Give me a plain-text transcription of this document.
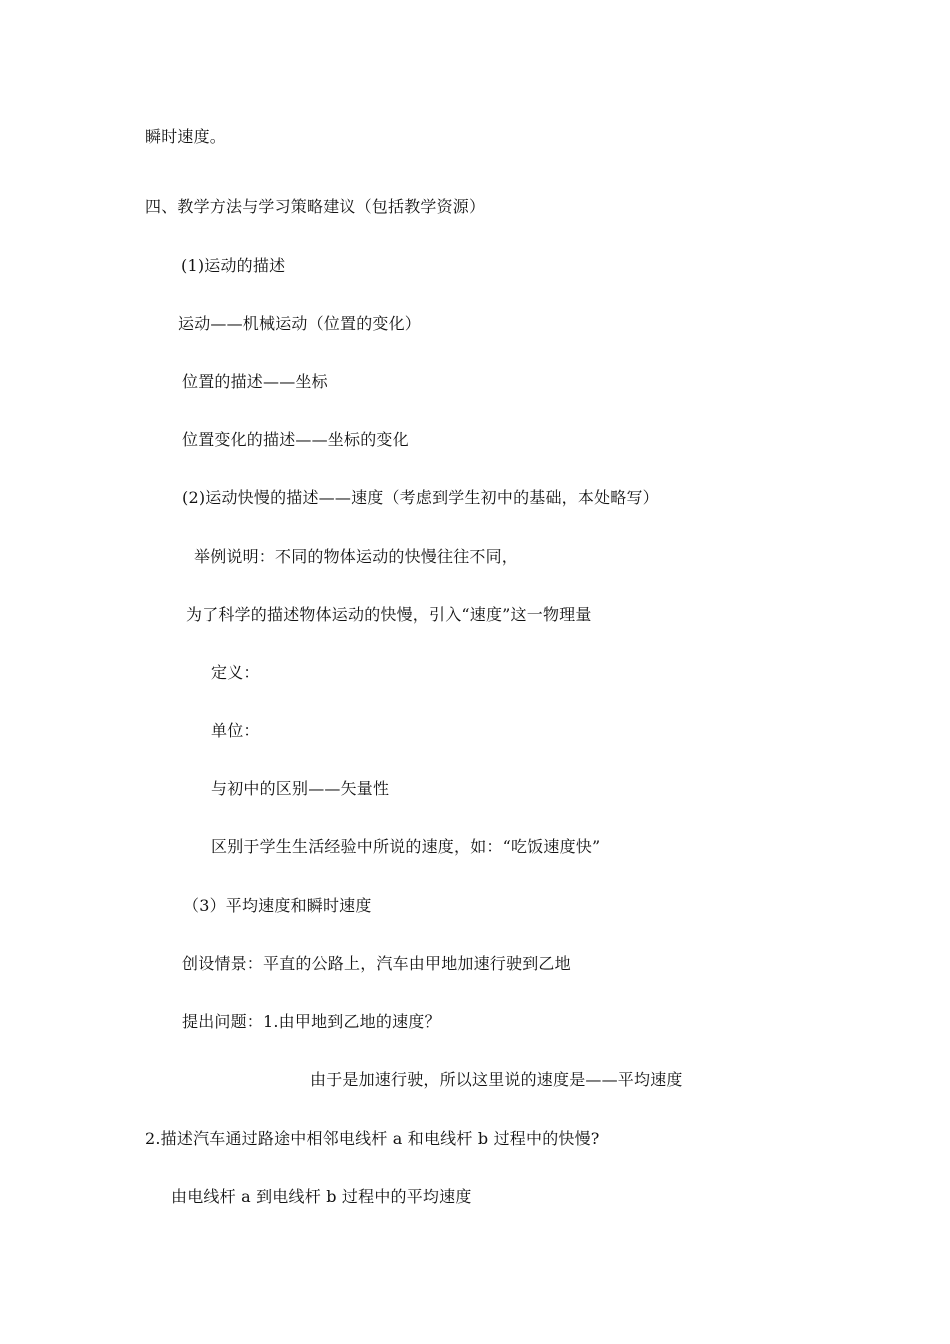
瞬时速度。
四、教学方法与学习策略建议（包括教学资源）
(1)运动的描述
运动——机械运动（位置的变化）
位置的描述——坐标
位置变化的描述——坐标的变化
(2)运动快慢的描述——速度（考虑到学生初中的基础，本处略写）
举例说明：不同的物体运动的快慢往往不同，
为了科学的描述物体运动的快慢，引入“速度”这一物理量
定义：
单位：
与初中的区别——矢量性
区别于学生生活经验中所说的速度，如：“吃饭速度快”
（3）平均速度和瞬时速度
创设情景：平直的公路上，汽车由甲地加速行驶到乙地
提出问题：1.由甲地到乙地的速度？
由于是加速行驶，所以这里说的速度是——平均速度
2.描述汽车通过路途中相邻电线杆 a 和电线杆 b 过程中的快慢?
由电线杆 a 到电线杆 b 过程中的平均速度
